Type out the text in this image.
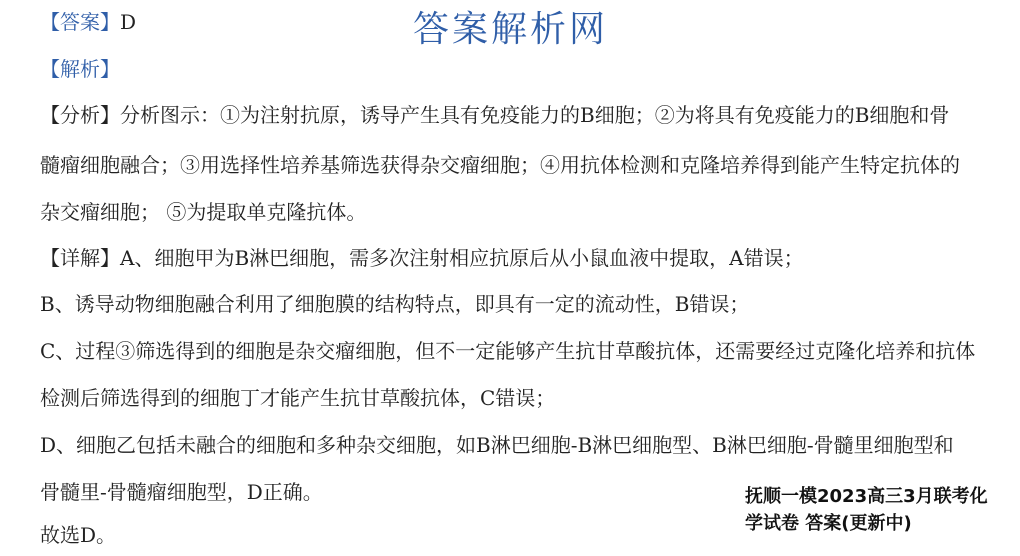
【答案】D	答案解析网
【解析】
【分析】分析图示：①为注射抗原，诱导产生具有免疫能力的B细胞；②为将具有免疫能力的B细胞和骨
髓瘤细胞融合；③用选择性培养基筛选获得杂交瘤细胞；④用抗体检测和克隆培养得到能产生特定抗体的
杂交瘤细胞； ⑤为提取单克隆抗体。
【详解】A、细胞甲为B淋巴细胞，需多次注射相应抗原后从小鼠血液中提取，A错误；
B、诱导动物细胞融合利用了细胞膜的结构特点，即具有一定的流动性，B错误；
C、过程③筛选得到的细胞是杂交瘤细胞，但不一定能够产生抗甘草酸抗体，还需要经过克隆化培养和抗体
检测后筛选得到的细胞丁才能产生抗甘草酸抗体，C错误；
D、细胞乙包括未融合的细胞和多种杂交细胞，如B淋巴细胞-B淋巴细胞型、B淋巴细胞-骨髓里细胞型和
骨髓里-骨髓瘤细胞型，D正确。
故选D。
抚顺一模2023高三3月联考化
学试卷 答案(更新中)
